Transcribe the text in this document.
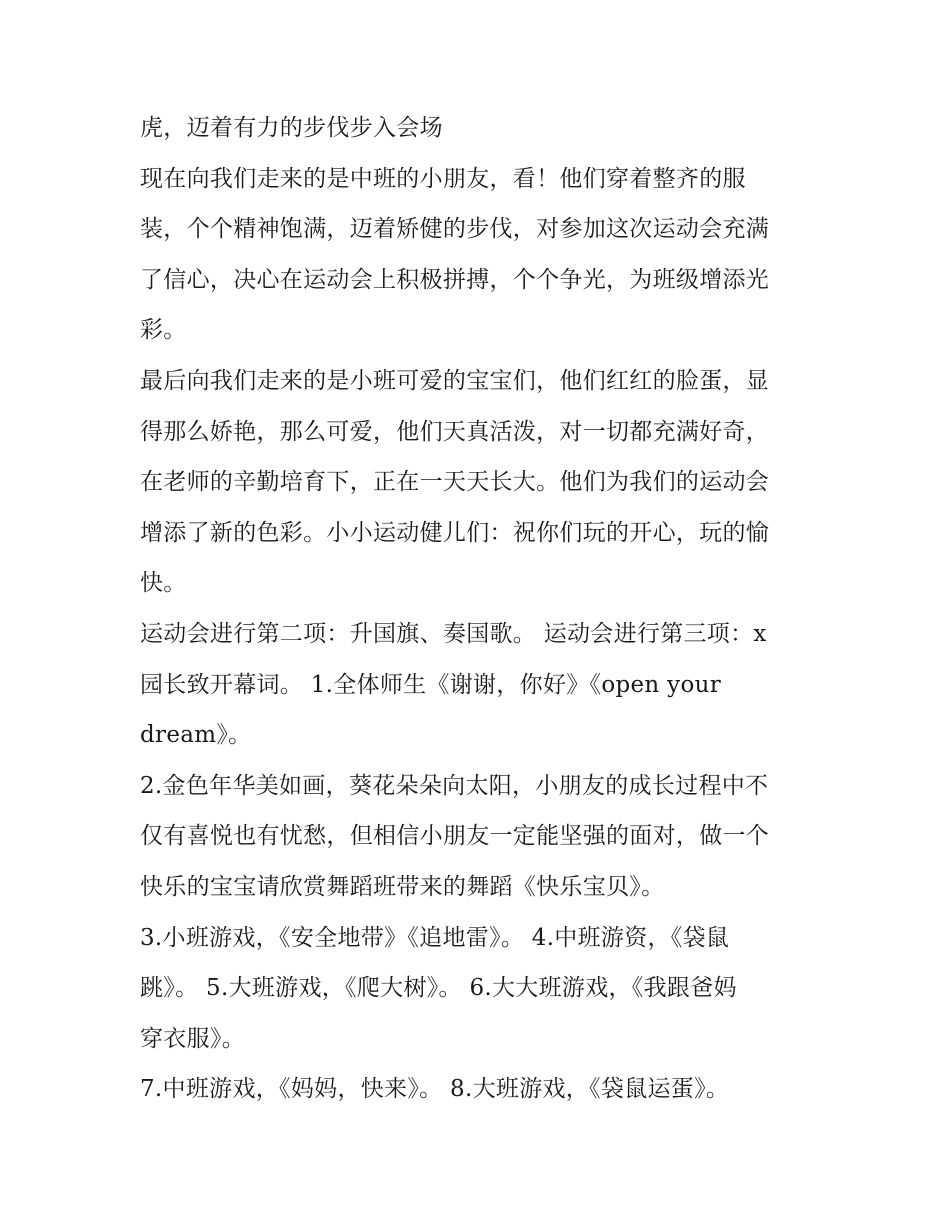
虎，迈着有力的步伐步入会场
现在向我们走来的是中班的小朋友，看！他们穿着整齐的服
装，个个精神饱满，迈着矫健的步伐，对参加这次运动会充满
了信心，决心在运动会上积极拼搏，个个争光，为班级增添光
彩。
最后向我们走来的是小班可爱的宝宝们，他们红红的脸蛋，显
得那么娇艳，那么可爱，他们天真活泼，对一切都充满好奇，
在老师的辛勤培育下，正在一天天长大。他们为我们的运动会
增添了新的色彩。小小运动健儿们：祝你们玩的开心，玩的愉
快。
运动会进行第二项：升国旗、奏国歌。 运动会进行第三项：x
园长致开幕词。 1.全体师生《谢谢，你好》《open your
dream》。
2.金色年华美如画，葵花朵朵向太阳，小朋友的成长过程中不
仅有喜悦也有忧愁，但相信小朋友一定能坚强的面对，做一个
快乐的宝宝请欣赏舞蹈班带来的舞蹈《快乐宝贝》。
3.小班游戏，《安全地带》《追地雷》。 4.中班游资，《袋鼠
跳》。 5.大班游戏，《爬大树》。 6.大大班游戏，《我跟爸妈
穿衣服》。
7.中班游戏，《妈妈，快来》。 8.大班游戏，《袋鼠运蛋》。
